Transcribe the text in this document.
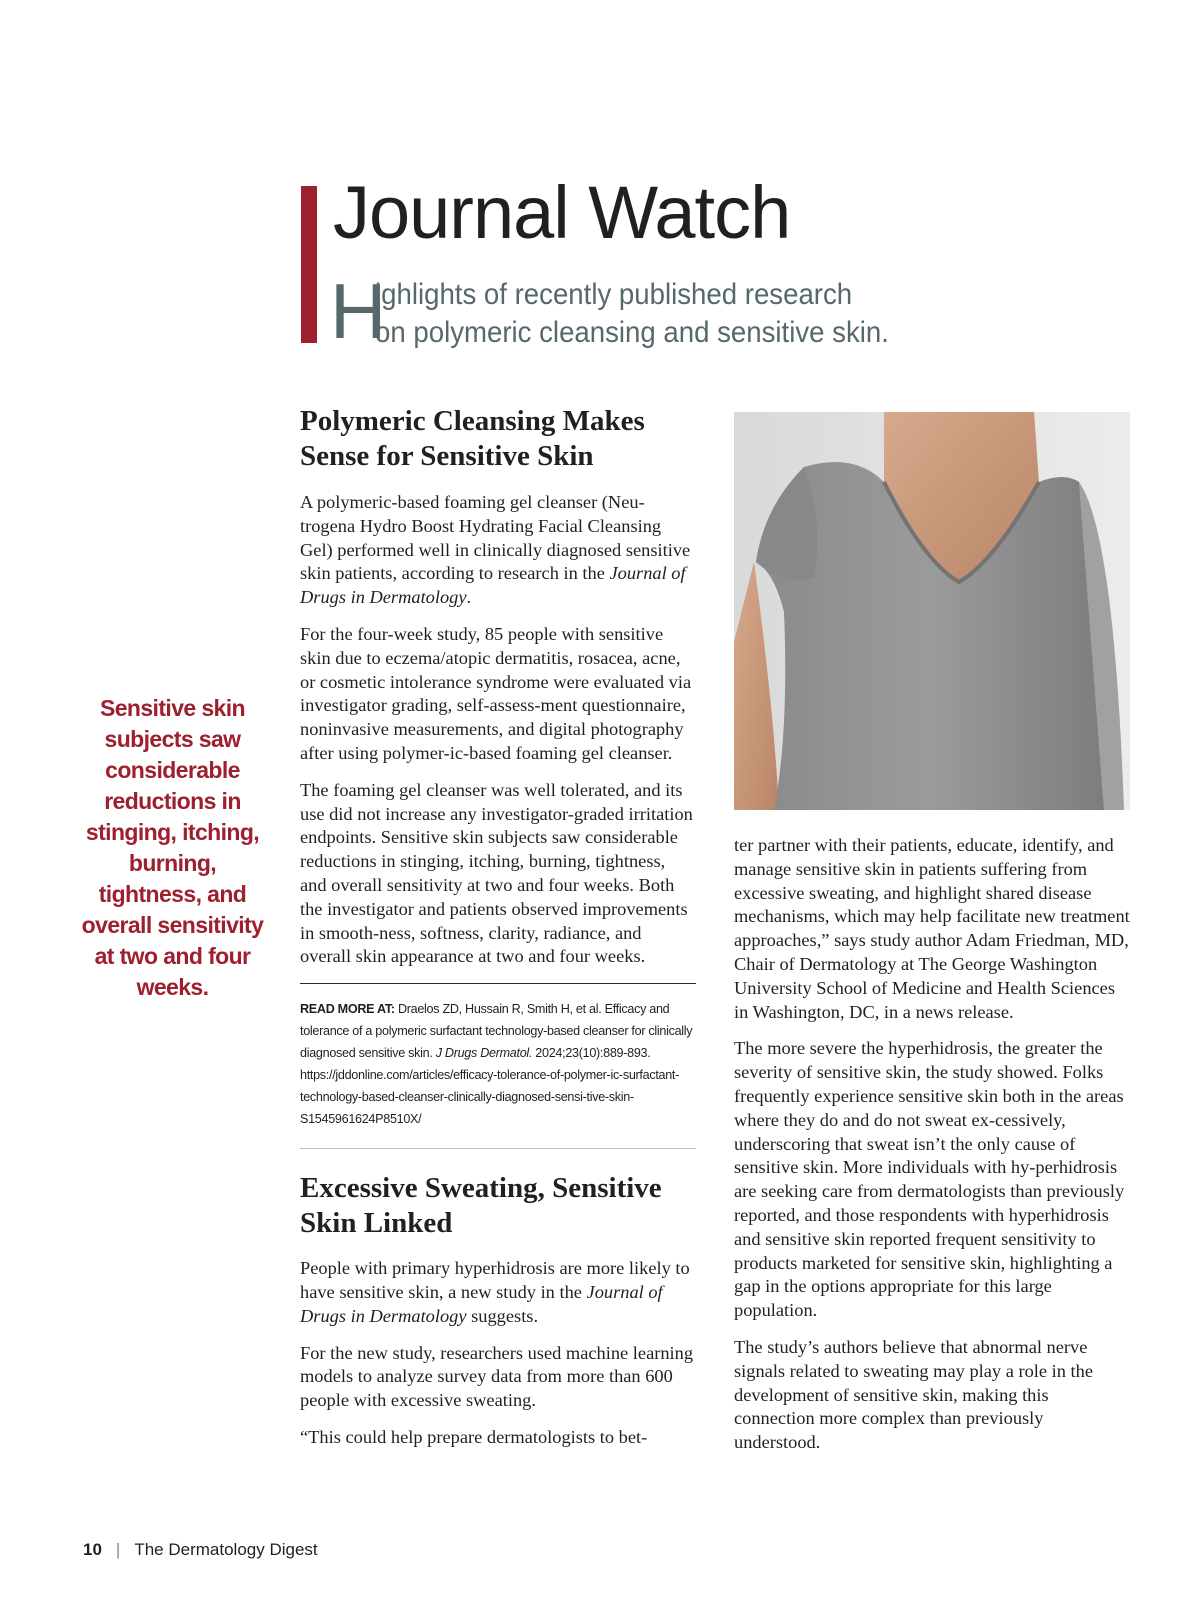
Journal Watch
H
ighlights of recently published research
on polymeric cleansing and sensitive skin.

Sensitive skin subjects saw considerable reductions in stinging, itching, burning, tightness, and overall sensitivity at two and four weeks.

Polymeric Cleansing Makes
Sense for Sensitive Skin

A polymeric-based foaming gel cleanser (Neu-trogena Hydro Boost Hydrating Facial Cleansing Gel) performed well in clinically diagnosed sensitive skin patients, according to research in the Journal of Drugs in Dermatology.

For the four-week study, 85 people with sensitive skin due to eczema/atopic dermatitis, rosacea, acne, or cosmetic intolerance syndrome were evaluated via investigator grading, self-assess-ment questionnaire, noninvasive measurements, and digital photography after using polymer-ic-based foaming gel cleanser.

The foaming gel cleanser was well tolerated, and its use did not increase any investigator-graded irritation endpoints. Sensitive skin subjects saw considerable reductions in stinging, itching, burning, tightness, and overall sensitivity at two and four weeks. Both the investigator and patients observed improvements in smooth-ness, softness, clarity, radiance, and overall skin appearance at two and four weeks.

READ MORE AT: Draelos ZD, Hussain R, Smith H, et al. Efficacy and tolerance of a polymeric surfactant technology-based cleanser for clinically diagnosed sensitive skin. J Drugs Dermatol. 2024;23(10):889-893. https://jddonline.com/articles/efficacy-tolerance-of-polymer-ic-surfactant-technology-based-cleanser-clinically-diagnosed-sensi-tive-skin-S1545961624P8510X/

Excessive Sweating, Sensitive
Skin Linked

People with primary hyperhidrosis are more likely to have sensitive skin, a new study in the Journal of Drugs in Dermatology suggests.

For the new study, researchers used machine learning models to analyze survey data from more than 600 people with excessive sweating.

“This could help prepare dermatologists to bet-

ter partner with their patients, educate, identify, and manage sensitive skin in patients suffering from excessive sweating, and highlight shared disease mechanisms, which may help facilitate new treatment approaches,” says study author Adam Friedman, MD, Chair of Dermatology at The George Washington University School of Medicine and Health Sciences in Washington, DC, in a news release.

The more severe the hyperhidrosis, the greater the severity of sensitive skin, the study showed. Folks frequently experience sensitive skin both in the areas where they do and do not sweat ex-cessively, underscoring that sweat isn’t the only cause of sensitive skin. More individuals with hy-perhidrosis are seeking care from dermatologists than previously reported, and those respondents with hyperhidrosis and sensitive skin reported frequent sensitivity to products marketed for sensitive skin, highlighting a gap in the options appropriate for this large population.

The study’s authors believe that abnormal nerve signals related to sweating may play a role in the development of sensitive skin, making this connection more complex than previously understood.

10 | The Dermatology Digest
